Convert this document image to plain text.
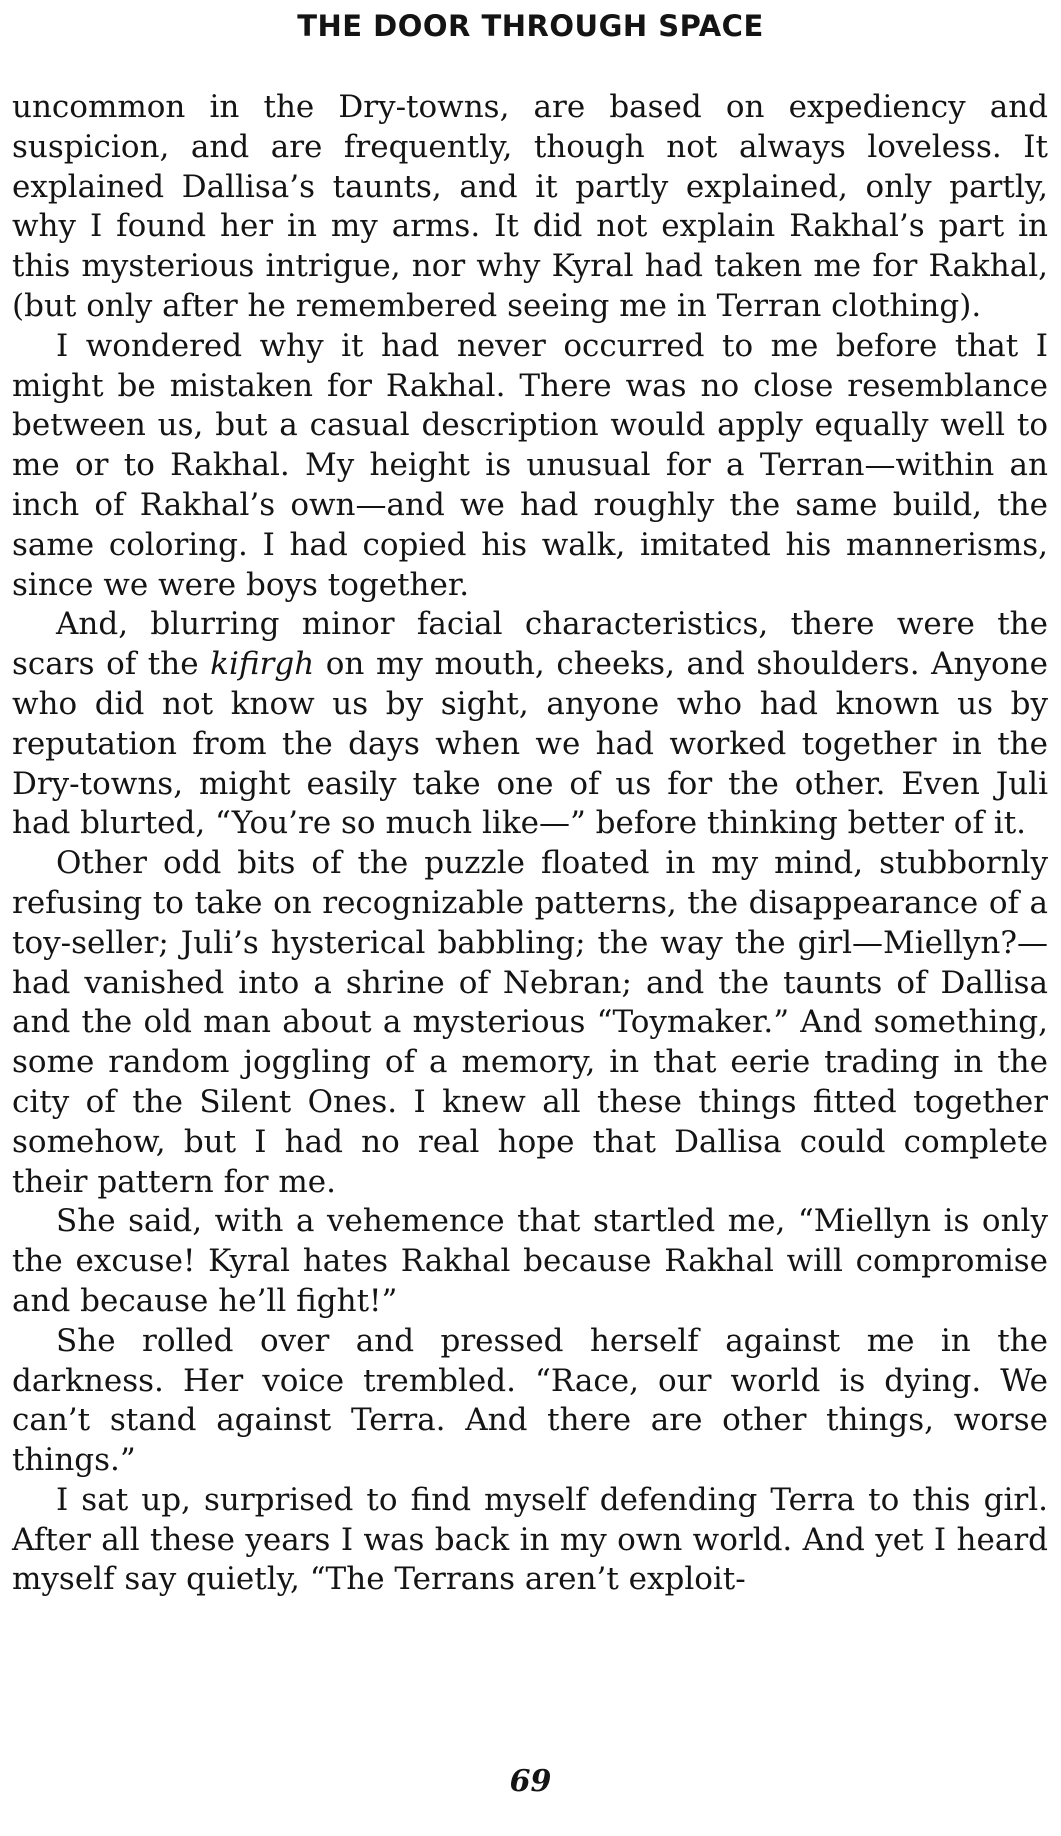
THE DOOR THROUGH SPACE

uncommon in the Dry-towns, are based on expediency and suspicion, and are frequently, though not always loveless. It explained Dallisa’s taunts, and it partly explained, only partly, why I found her in my arms. It did not explain Rakhal’s part in this mysterious intrigue, nor why Kyral had taken me for Rakhal, (but only after he remembered seeing me in Terran clothing).

I wondered why it had never occurred to me before that I might be mistaken for Rakhal. There was no close resemblance between us, but a casual description would apply equally well to me or to Rakhal. My height is unusual for a Terran—within an inch of Rakhal’s own—and we had roughly the same build, the same coloring. I had copied his walk, imitated his mannerisms, since we were boys together.

And, blurring minor facial characteristics, there were the scars of the kifirgh on my mouth, cheeks, and shoulders. Anyone who did not know us by sight, anyone who had known us by reputation from the days when we had worked together in the Dry-towns, might easily take one of us for the other. Even Juli had blurted, “You’re so much like—” before thinking better of it.

Other odd bits of the puzzle floated in my mind, stubbornly refusing to take on recognizable patterns, the disappearance of a toy-seller; Juli’s hysterical babbling; the way the girl—Miellyn?—had vanished into a shrine of Nebran; and the taunts of Dallisa and the old man about a mysterious “Toymaker.” And something, some random joggling of a memory, in that eerie trading in the city of the Silent Ones. I knew all these things fitted together somehow, but I had no real hope that Dallisa could complete their pattern for me.

She said, with a vehemence that startled me, “Miellyn is only the excuse! Kyral hates Rakhal because Rakhal will compromise and because he’ll fight!”

She rolled over and pressed herself against me in the darkness. Her voice trembled. “Race, our world is dying. We can’t stand against Terra. And there are other things, worse things.”

I sat up, surprised to find myself defending Terra to this girl. After all these years I was back in my own world. And yet I heard myself say quietly, “The Terrans aren’t exploit-

69
